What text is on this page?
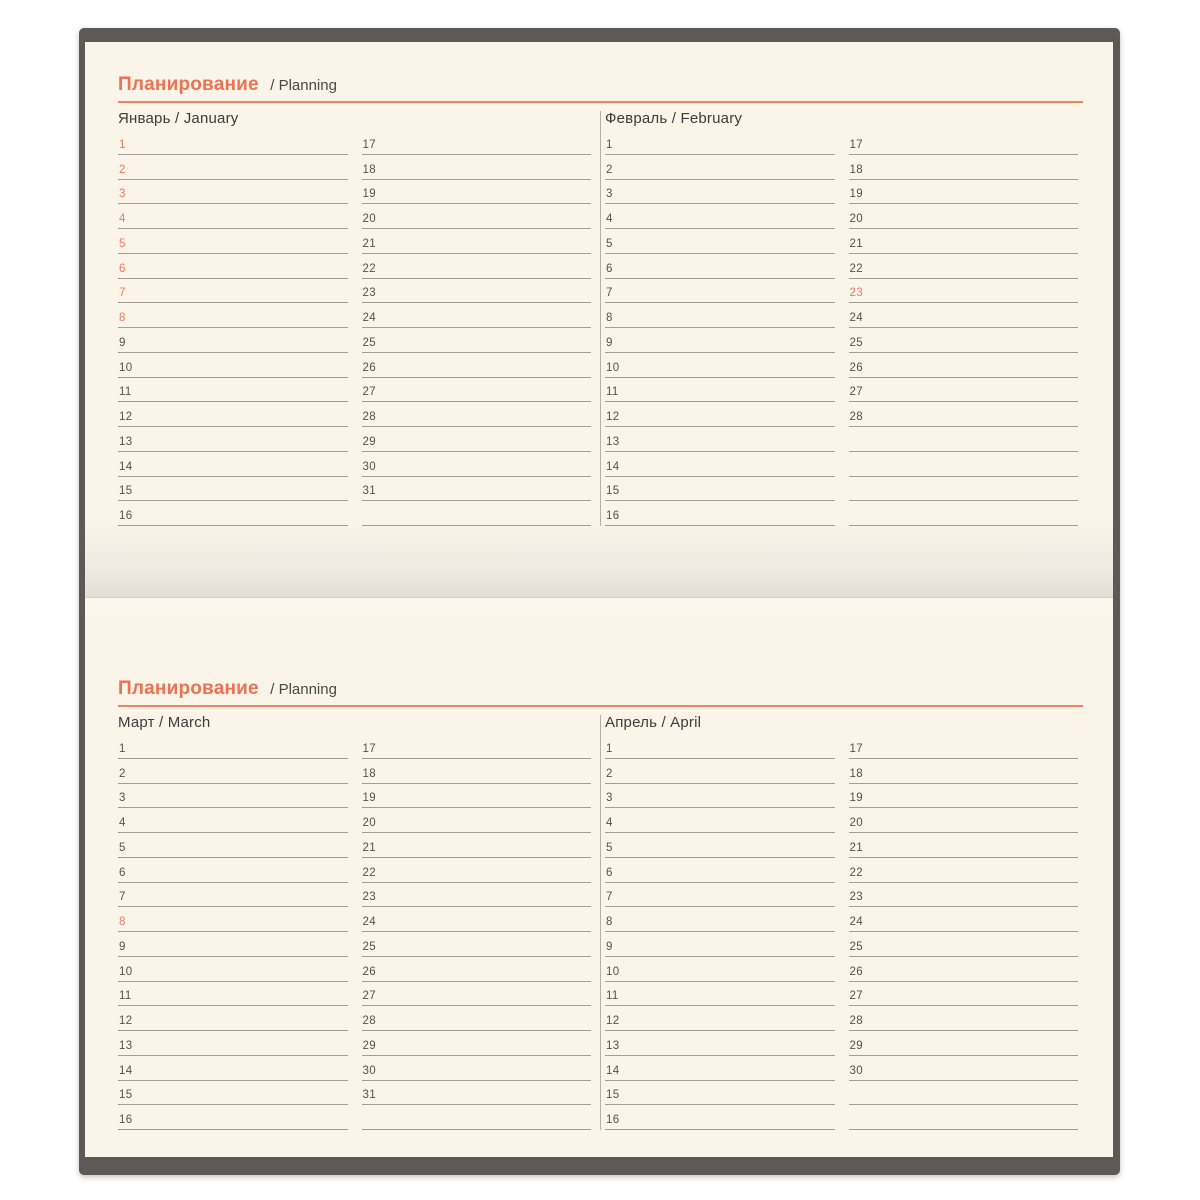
Планирование / Planning
Январь / January
1
2
3
4
5
6
7
8
9
10
11
12
13
14
15
16
17
18
19
20
21
22
23
24
25
26
27
28
29
30
31
Февраль / February
1
2
3
4
5
6
7
8
9
10
11
12
13
14
15
16
17
18
19
20
21
22
23
24
25
26
27
28
Планирование / Planning
Март / March
1
2
3
4
5
6
7
8
9
10
11
12
13
14
15
16
17
18
19
20
21
22
23
24
25
26
27
28
29
30
31
Апрель / April
1
2
3
4
5
6
7
8
9
10
11
12
13
14
15
16
17
18
19
20
21
22
23
24
25
26
27
28
29
30
